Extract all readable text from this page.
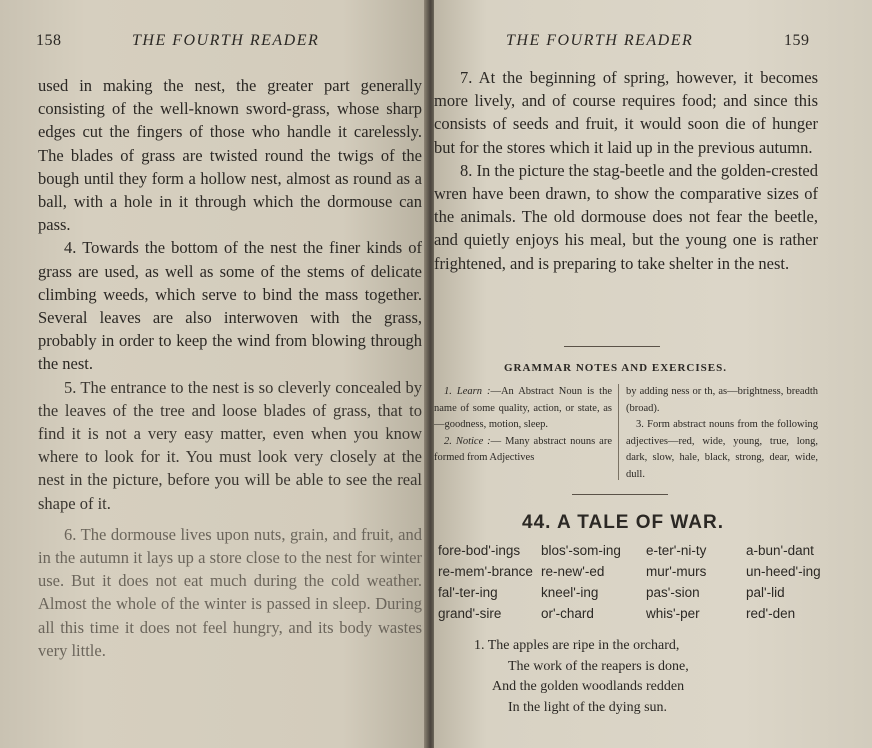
158	THE FOURTH READER

used in making the nest, the greater part generally consisting of the well-known sword-grass, whose sharp edges cut the fingers of those who handle it carelessly. The blades of grass are twisted round the twigs of the bough until they form a hollow nest, almost as round as a ball, with a hole in it through which the dormouse can pass.

4. Towards the bottom of the nest the finer kinds of grass are used, as well as some of the stems of delicate climbing weeds, which serve to bind the mass together. Several leaves are also interwoven with the grass, probably in order to keep the wind from blowing through the nest.

5. The entrance to the nest is so cleverly concealed by the leaves of the tree and loose blades of grass, that to find it is not a very easy matter, even when you know where to look for it. You must look very closely at the nest in the picture, before you will be able to see the real shape of it.

6. The dormouse lives upon nuts, grain, and fruit, and in the autumn it lays up a store close to the nest for winter use. But it does not eat much during the cold weather. Almost the whole of the winter is passed in sleep. During all this time it does not feel hungry, and its body wastes very little.

THE FOURTH READER	159

7. At the beginning of spring, however, it becomes more lively, and of course requires food; and since this consists of seeds and fruit, it would soon die of hunger but for the stores which it laid up in the previous autumn.

8. In the picture the stag-beetle and the golden-crested wren have been drawn, to show the comparative sizes of the animals. The old dormouse does not fear the beetle, and quietly enjoys his meal, but the young one is rather frightened, and is preparing to take shelter in the nest.

GRAMMAR NOTES AND EXERCISES.

1. Learn :—An Abstract Noun is the name of some quality, action, or state, as—goodness, motion, sleep.

2. Notice :— Many abstract nouns are formed from Adjectives

by adding ness or th, as—brightness, breadth (broad).

3. Form abstract nouns from the following adjectives—red, wide, young, true, long, dark, slow, hale, black, strong, dear, wide, dull.

44. A TALE OF WAR.
fore-bod'-ings	blos'-som-ing	e-ter'-ni-ty	a-bun'-dant
re-mem'-brance re-new'-ed	mur'-murs	un-heed'-ing
fal'-ter-ing	kneel'-ing	pas'-sion	pal'-lid
grand'-sire	or'-chard	whis'-per	red'-den
1. The apples are ripe in the orchard,
The work of the reapers is done,
And the golden woodlands redden
In the light of the dying sun.
